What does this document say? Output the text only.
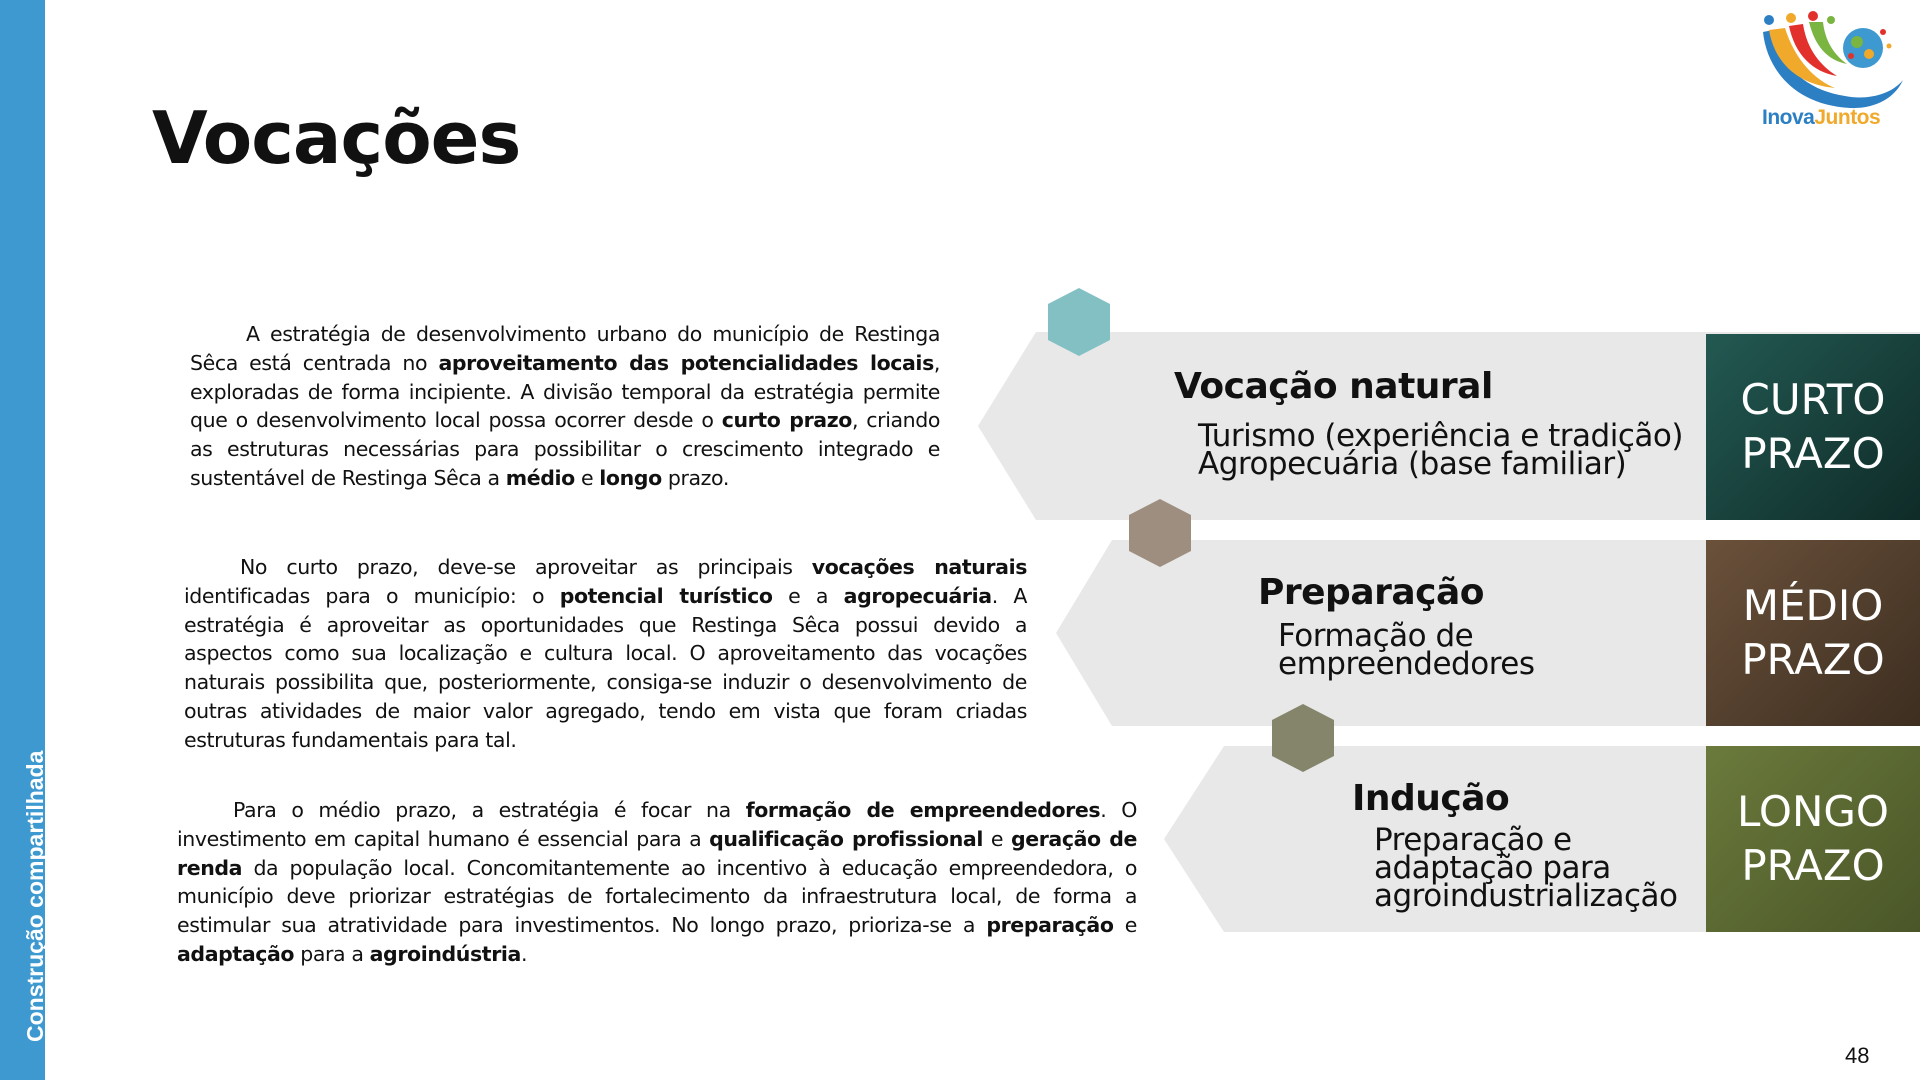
Construção compartilhada
Vocações	InovaJuntos

A estratégia de desenvolvimento urbano do município de Restinga Sêca está centrada no aproveitamento das potencialidades locais, exploradas de forma incipiente. A divisão temporal da estratégia permite que o desenvolvimento local possa ocorrer desde o curto prazo, criando as estruturas necessárias para possibilitar o crescimento integrado e sustentável de Restinga Sêca a médio e longo prazo.

No curto prazo, deve-se aproveitar as principais vocações naturais identificadas para o município: o potencial turístico e a agropecuária. A estratégia é aproveitar as oportunidades que Restinga Sêca possui devido a aspectos como sua localização e cultura local. O aproveitamento das vocações naturais possibilita que, posteriormente, consiga-se induzir o desenvolvimento de outras atividades de maior valor agregado, tendo em vista que foram criadas estruturas fundamentais para tal.

Para o médio prazo, a estratégia é focar na formação de empreendedores. O investimento em capital humano é essencial para a qualificação profissional e geração de renda da população local. Concomitantemente ao incentivo à educação empreendedora, o município deve priorizar estratégias de fortalecimento da infraestrutura local, de forma a estimular sua atratividade para investimentos. No longo prazo, prioriza-se a preparação e adaptação para a agroindústria.

Vocação natural
Turismo (experiência e tradição)
Agropecuária (base familiar)
CURTO
PRAZO
Preparação
Formação de
empreendedores
MÉDIO
PRAZO
Indução
Preparação e
adaptação para
agroindustrialização
LONGO
PRAZO
48
